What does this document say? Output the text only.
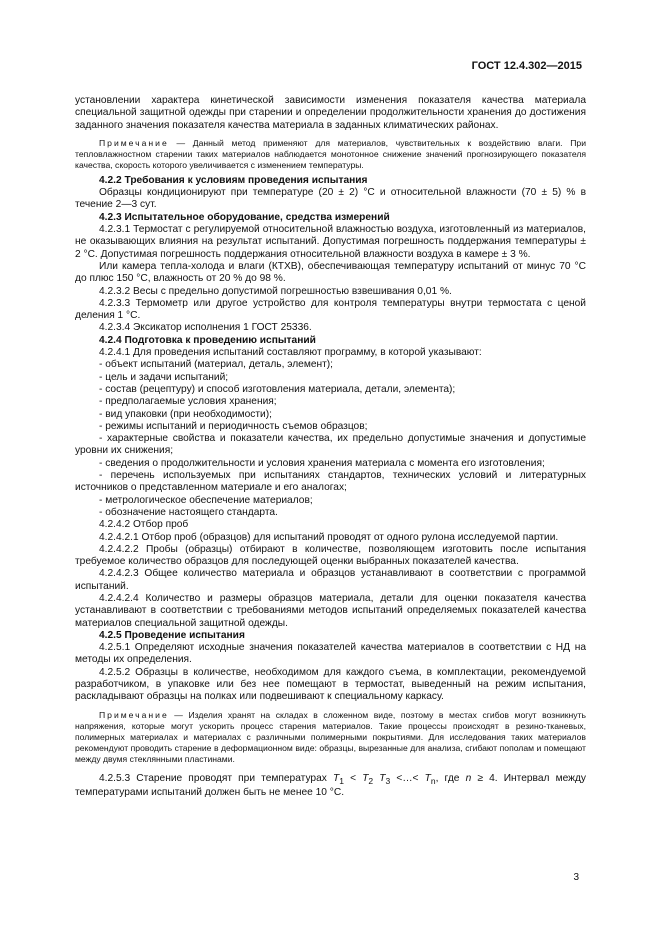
ГОСТ 12.4.302—2015

установлении характера кинетической зависимости изменения показателя качества материала специальной защитной одежды при старении и определении продолжительности хранения до достижения заданного значения показателя качества материала в заданных климатических районах.

Примечание — Данный метод применяют для материалов, чувствительных к воздействию влаги. При тепловлажностном старении таких материалов наблюдается монотонное снижение значений прогнозирующего показателя качества, скорость которого увеличивается с изменением температуры.

4.2.2 Требования к условиям проведения испытания

Образцы кондиционируют при температуре (20 ± 2) °C и относительной влажности (70 ± 5) % в течение 2—3 сут.

4.2.3 Испытательное оборудование, средства измерений

4.2.3.1 Термостат с регулируемой относительной влажностью воздуха, изготовленный из материалов, не оказывающих влияния на результат испытаний. Допустимая погрешность поддержания температуры ± 2 °C. Допустимая погрешность поддержания относительной влажности воздуха в камере ± 3 %.

Или камера тепла-холода и влаги (КТХВ), обеспечивающая температуру испытаний от минус 70 °C до плюс 150 °C, влажность от 20 % до 98 %.

4.2.3.2 Весы с предельно допустимой погрешностью взвешивания 0,01 %.

4.2.3.3 Термометр или другое устройство для контроля температуры внутри термостата с ценой деления 1 °C.

4.2.3.4 Эксикатор исполнения 1 ГОСТ 25336.

4.2.4 Подготовка к проведению испытаний

4.2.4.1 Для проведения испытаний составляют программу, в которой указывают:

- объект испытаний (материал, деталь, элемент);

- цель и задачи испытаний;

- состав (рецептуру) и способ изготовления материала, детали, элемента);

- предполагаемые условия хранения;

- вид упаковки (при необходимости);

- режимы испытаний и периодичность съемов образцов;

- характерные свойства и показатели качества, их предельно допустимые значения и допустимые уровни их снижения;

- сведения о продолжительности и условия хранения материала с момента его изготовления;

- перечень используемых при испытаниях стандартов, технических условий и литературных источников о представленном материале и его аналогах;

- метрологическое обеспечение материалов;

- обозначение настоящего стандарта.

4.2.4.2 Отбор проб

4.2.4.2.1 Отбор проб (образцов) для испытаний проводят от одного рулона исследуемой партии.

4.2.4.2.2 Пробы (образцы) отбирают в количестве, позволяющем изготовить после испытания требуемое количество образцов для последующей оценки выбранных показателей качества.

4.2.4.2.3 Общее количество материала и образцов устанавливают в соответствии с программой испытаний.

4.2.4.2.4 Количество и размеры образцов материала, детали для оценки показателя качества устанавливают в соответствии с требованиями методов испытаний определяемых показателей качества материалов специальной защитной одежды.

4.2.5 Проведение испытания

4.2.5.1 Определяют исходные значения показателей качества материалов в соответствии с НД на методы их определения.

4.2.5.2 Образцы в количестве, необходимом для каждого съема, в комплектации, рекомендуемой разработчиком, в упаковке или без нее помещают в термостат, выведенный на режим испытания, раскладывают образцы на полках или подвешивают к специальному каркасу.

Примечание — Изделия хранят на складах в сложенном виде, поэтому в местах сгибов могут возникнуть напряжения, которые могут ускорить процесс старения материалов. Такие процессы происходят в резино-тканевых, полимерных материалах и материалах с различными полимерными покрытиями. Для исследования таких материалов рекомендуют проводить старение в деформационном виде: образцы, вырезанные для анализа, сгибают пополам и помещают между двумя стеклянными пластинами.

4.2.5.3 Старение проводят при температурах $T_1 < T_2$ $T_3$ <…< $T_n$, где n ≥ 4. Интервал между температурами испытаний должен быть не менее 10 °C.

3
